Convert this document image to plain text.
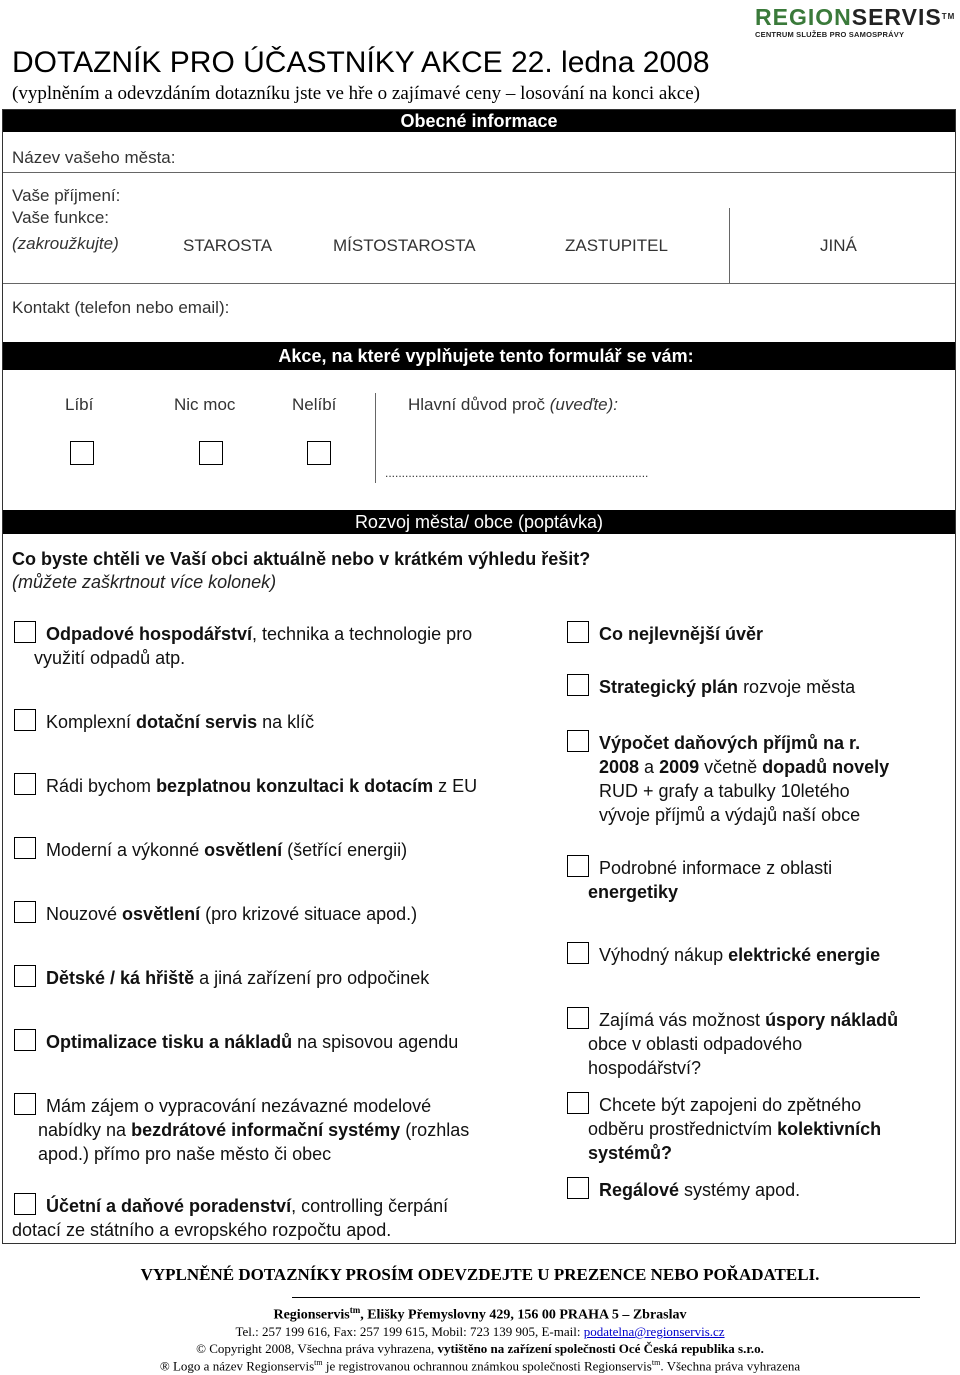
REGIONSERVIS™
CENTRUM SLUŽEB PRO SAMOSPRÁVY
DOTAZNÍK PRO ÚČASTNÍKY AKCE 22. ledna 2008
(vyplněním a odevzdáním dotazníku jste ve hře o zajímavé ceny – losování na konci akce)
Obecné informace
Název vašeho města:
Vaše příjmení:
Vaše funkce:
(zakroužkujte)	STAROSTA	MÍSTOSTAROSTA	ZASTUPITEL	JINÁ
Kontakt (telefon nebo email):
Akce, na které vyplňujete tento formulář se vám:
Líbí	Nic moc	Nelíbí	Hlavní důvod proč (uveďte):
...............................................................................
Rozvoj města/ obce (poptávka)
Co byste chtěli ve Vaší obci aktuálně nebo v krátkém výhledu řešit?
(můžete zaškrtnout více kolonek)
Odpadové hospodářství, technika a technologie pro
využití odpadů atp.
Komplexní dotační servis na klíč
Rádi bychom bezplatnou konzultaci k dotacím z EU
Moderní a výkonné osvětlení (šetřící energii)
Nouzové osvětlení (pro krizové situace apod.)
Dětské / ká hřiště a jiná zařízení pro odpočinek
Optimalizace tisku a nákladů na spisovou agendu
Mám zájem o vypracování nezávazné modelové
nabídky na bezdrátové informační systémy (rozhlas
apod.) přímo pro naše město či obec
Účetní a daňové poradenství, controlling čerpání
dotací ze státního a evropského rozpočtu apod.
Co nejlevnější úvěr
Strategický plán rozvoje města
Výpočet daňových příjmů na r.
2008 a 2009 včetně dopadů novely
RUD + grafy a tabulky 10letého
vývoje příjmů a výdajů naší obce
Podrobné informace z oblasti
energetiky
Výhodný nákup elektrické energie
Zajímá vás možnost úspory nákladů
obce v oblasti odpadového
hospodářství?
Chcete být zapojeni do zpětného
odběru prostřednictvím kolektivních
systémů?
Regálové systémy apod.
VYPLNĚNÉ DOTAZNÍKY PROSÍM ODEVZDEJTE U PREZENCE NEBO POŘADATELI.
Regionservis$^{tm}$, Elišky Přemyslovny 429, 156 00 PRAHA 5 – Zbraslav
Tel.: 257 199 616, Fax: 257 199 615, Mobil: 723 139 905, E-mail: podatelna@regionservis.cz
© Copyright 2008, Všechna práva vyhrazena, vytištěno na zařízení společnosti Océ Česká republika s.r.o.
® Logo a název Regionservis$^{tm}$ je registrovanou ochrannou známkou společnosti Regionservis$^{tm}$. Všechna práva vyhrazena
